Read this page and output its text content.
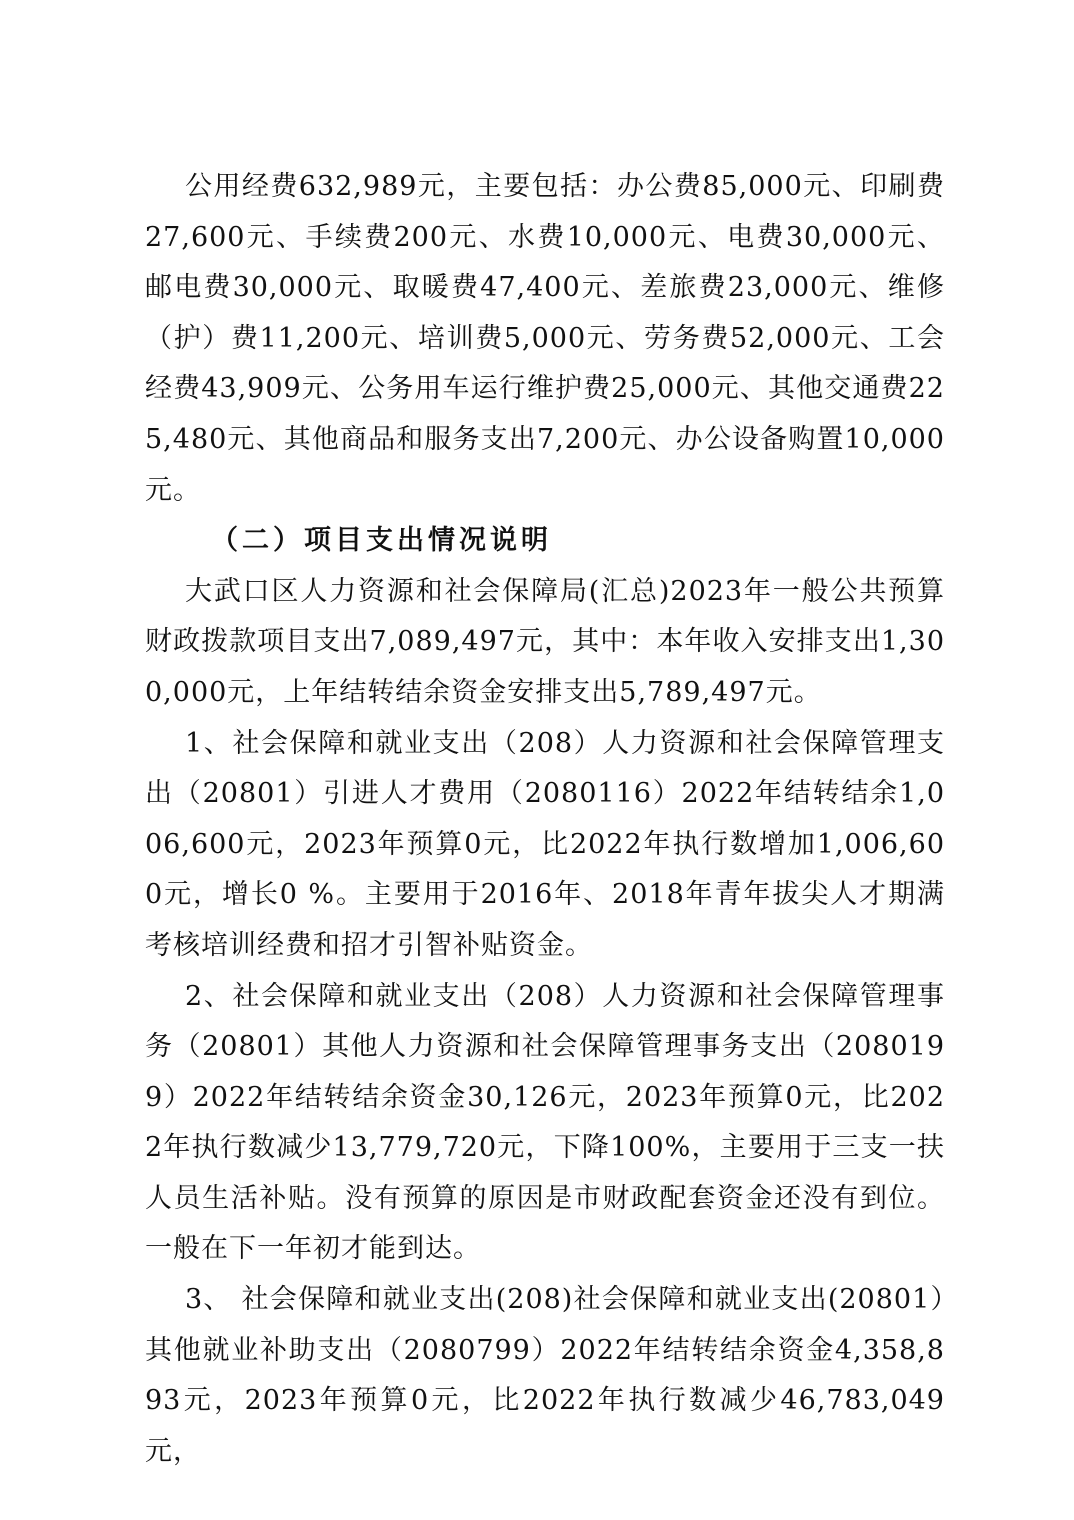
公用经费632,989元，主要包括：办公费85,000元、印刷费27,600元、手续费200元、水费10,000元、电费30,000元、邮电费30,000元、取暖费47,400元、差旅费23,000元、维修（护）费11,200元、培训费5,000元、劳务费52,000元、工会经费43,909元、公务用车运行维护费25,000元、其他交通费225,480元、其他商品和服务支出7,200元、办公设备购置10,000元。

（二）项目支出情况说明

大武口区人力资源和社会保障局(汇总)2023年一般公共预算财政拨款项目支出7,089,497元，其中：本年收入安排支出1,300,000元，上年结转结余资金安排支出5,789,497元。

1、社会保障和就业支出（208）人力资源和社会保障管理支出（20801）引进人才费用（2080116）2022年结转结余1,006,600元，2023年预算0元，比2022年执行数增加1,006,600元，增长0 %。主要用于2016年、2018年青年拔尖人才期满考核培训经费和招才引智补贴资金。

2、社会保障和就业支出（208）人力资源和社会保障管理事务（20801）其他人力资源和社会保障管理事务支出（2080199）2022年结转结余资金30,126元，2023年预算0元，比2022年执行数减少13,779,720元，下降100%，主要用于三支一扶人员生活补贴。没有预算的原因是市财政配套资金还没有到位。一般在下一年初才能到达。

3、 社会保障和就业支出(208)社会保障和就业支出(20801）其他就业补助支出（2080799）2022年结转结余资金4,358,893元，2023年预算0元，比2022年执行数减少46,783,049元，
